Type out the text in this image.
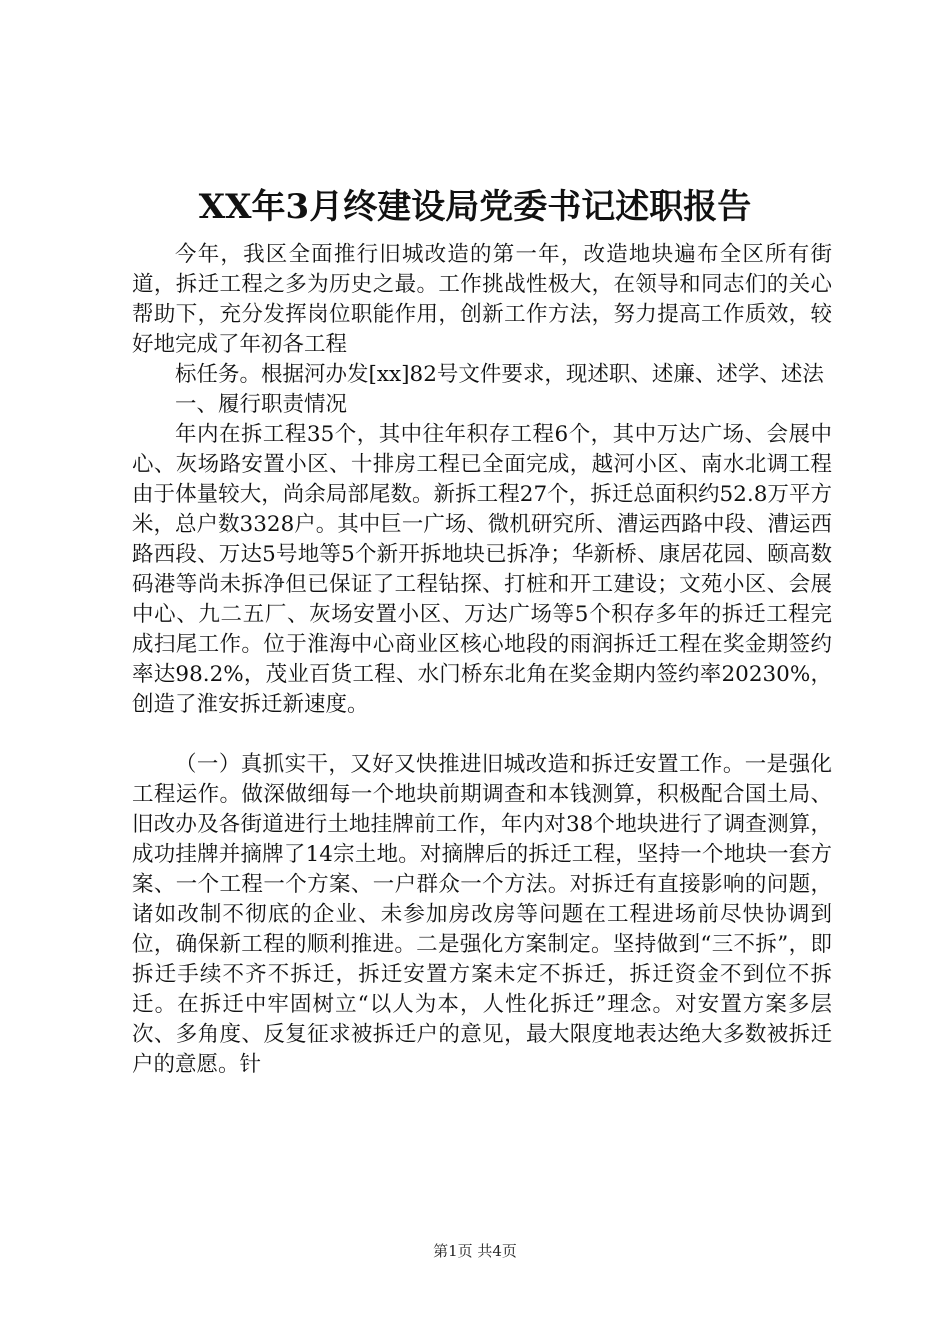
XX年3月终建设局党委书记述职报告

今年，我区全面推行旧城改造的第一年，改造地块遍布全区所有街道，拆迁工程之多为历史之最。工作挑战性极大，在领导和同志们的关心帮助下，充分发挥岗位职能作用，创新工作方法，努力提高工作质效，较好地完成了年初各工程

标任务。根据河办发[xx]82号文件要求，现述职、述廉、述学、述法

一、履行职责情况

年内在拆工程35个，其中往年积存工程6个，其中万达广场、会展中心、灰场路安置小区、十排房工程已全面完成，越河小区、南水北调工程由于体量较大，尚余局部尾数。新拆工程27个，拆迁总面积约52.8万平方米，总户数3328户。其中巨一广场、微机研究所、漕运西路中段、漕运西路西段、万达5号地等5个新开拆地块已拆净；华新桥、康居花园、颐高数码港等尚未拆净但已保证了工程钻探、打桩和开工建设；文苑小区、会展中心、九二五厂、灰场安置小区、万达广场等5个积存多年的拆迁工程完成扫尾工作。位于淮海中心商业区核心地段的雨润拆迁工程在奖金期签约率达98.2%，茂业百货工程、水门桥东北角在奖金期内签约率20230%，创造了淮安拆迁新速度。

（一）真抓实干，又好又快推进旧城改造和拆迁安置工作。一是强化工程运作。做深做细每一个地块前期调查和本钱测算，积极配合国土局、旧改办及各街道进行土地挂牌前工作，年内对38个地块进行了调查测算，成功挂牌并摘牌了14宗土地。对摘牌后的拆迁工程，坚持一个地块一套方案、一个工程一个方案、一户群众一个方法。对拆迁有直接影响的问题，诸如改制不彻底的企业、未参加房改房等问题在工程进场前尽快协调到位，确保新工程的顺利推进。二是强化方案制定。坚持做到“三不拆”，即拆迁手续不齐不拆迁，拆迁安置方案未定不拆迁，拆迁资金不到位不拆迁。在拆迁中牢固树立“以人为本，人性化拆迁”理念。对安置方案多层次、多角度、反复征求被拆迁户的意见，最大限度地表达绝大多数被拆迁户的意愿。针

第1页 共4页
